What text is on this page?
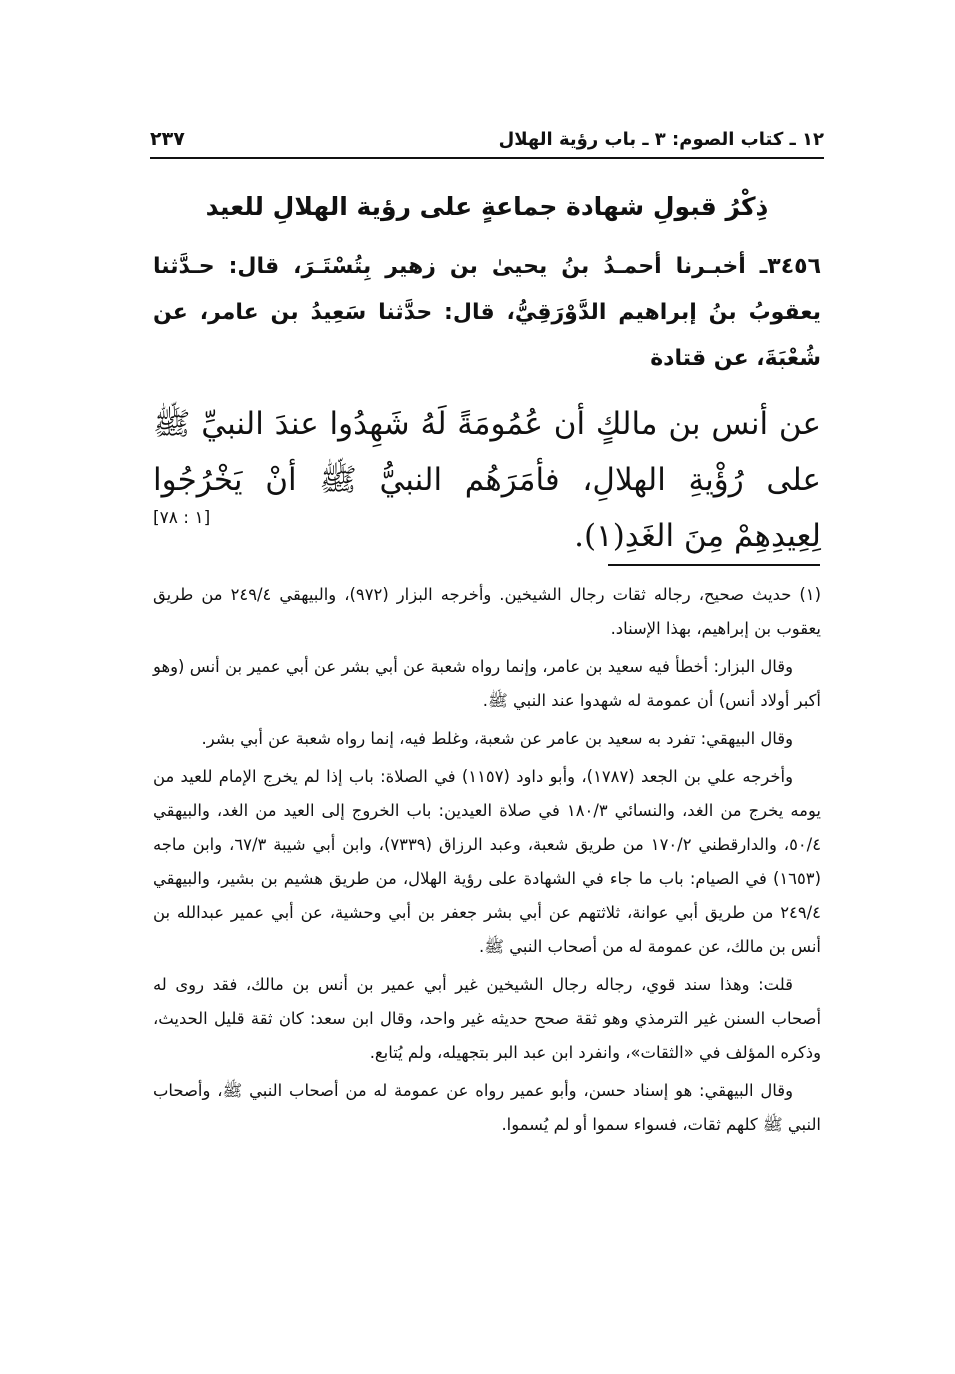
١٢ ـ كتاب الصوم: ٣ ـ باب رؤية الهلال
٢٣٧
ذِكْرُ قبولِ شهادة جماعةٍ على رؤية الهلالِ للعيد
٣٤٥٦ـ أخبـرنا أحمـدُ بنُ يحيىٰ بن زهير بِتُسْتَـرَ، قال: حـدَّثنا يعقوبُ بنُ إبراهيم الدَّوْرَقِيُّ، قال: حدَّثنا سَعِيدُ بن عامر، عن شُعْبَةَ، عن قتادة
عن أنس بن مالكٍ أن عُمُومَةً لَهُ شَهِدُوا عندَ النبيِّ ﷺ على رُؤْيةِ الهلالِ، فأمَرَهُم النبيُّ ﷺ أنْ يَخْرُجُوا لِعِيدِهِمْ مِنَ الغَدِ(١).
[١ : ٧٨]

(١) حديث صحيح، رجاله ثقات رجال الشيخين. وأخرجه البزار (٩٧٢)، والبيهقي ٢٤٩/٤ من طريق يعقوب بن إبراهيم، بهذا الإسناد.

وقال البزار: أخطأ فيه سعيد بن عامر، وإنما رواه شعبة عن أبي بشر عن أبي عمير بن أنس (وهو أكبر أولاد أنس) أن عمومة له شهدوا عند النبي ﷺ.

وقال البيهقي: تفرد به سعيد بن عامر عن شعبة، وغلط فيه، إنما رواه شعبة عن أبي بشر.

وأخرجه علي بن الجعد (١٧٨٧)، وأبو داود (١١٥٧) في الصلاة: باب إذا لم يخرج الإمام للعيد من يومه يخرج من الغد، والنسائي ١٨٠/٣ في صلاة العيدين: باب الخروج إلى العيد من الغد، والبيهقي ٥٠/٤، والدارقطني ١٧٠/٢ من طريق شعبة، وعبد الرزاق (٧٣٣٩)، وابن أبي شيبة ٦٧/٣، وابن ماجه (١٦٥٣) في الصيام: باب ما جاء في الشهادة على رؤية الهلال، من طريق هشيم بن بشير، والبيهقي ٢٤٩/٤ من طريق أبي عوانة، ثلاثتهم عن أبي بشر جعفر بن أبي وحشية، عن أبي عمير عبدالله بن أنس بن مالك، عن عمومة له من أصحاب النبي ﷺ.

قلت: وهذا سند قوي، رجاله رجال الشيخين غير أبي عمير بن أنس بن مالك، فقد روى له أصحاب السنن غير الترمذي وهو ثقة صحح حديثه غير واحد، وقال ابن سعد: كان ثقة قليل الحديث، وذكره المؤلف في «الثقات»، وانفرد ابن عبد البر بتجهيله، ولم يُتابع.

وقال البيهقي: هو إسناد حسن، وأبو عمير رواه عن عمومة له من أصحاب النبي ﷺ، وأصحاب النبي ﷺ كلهم ثقات، فسواء سموا أو لم يُسموا.
